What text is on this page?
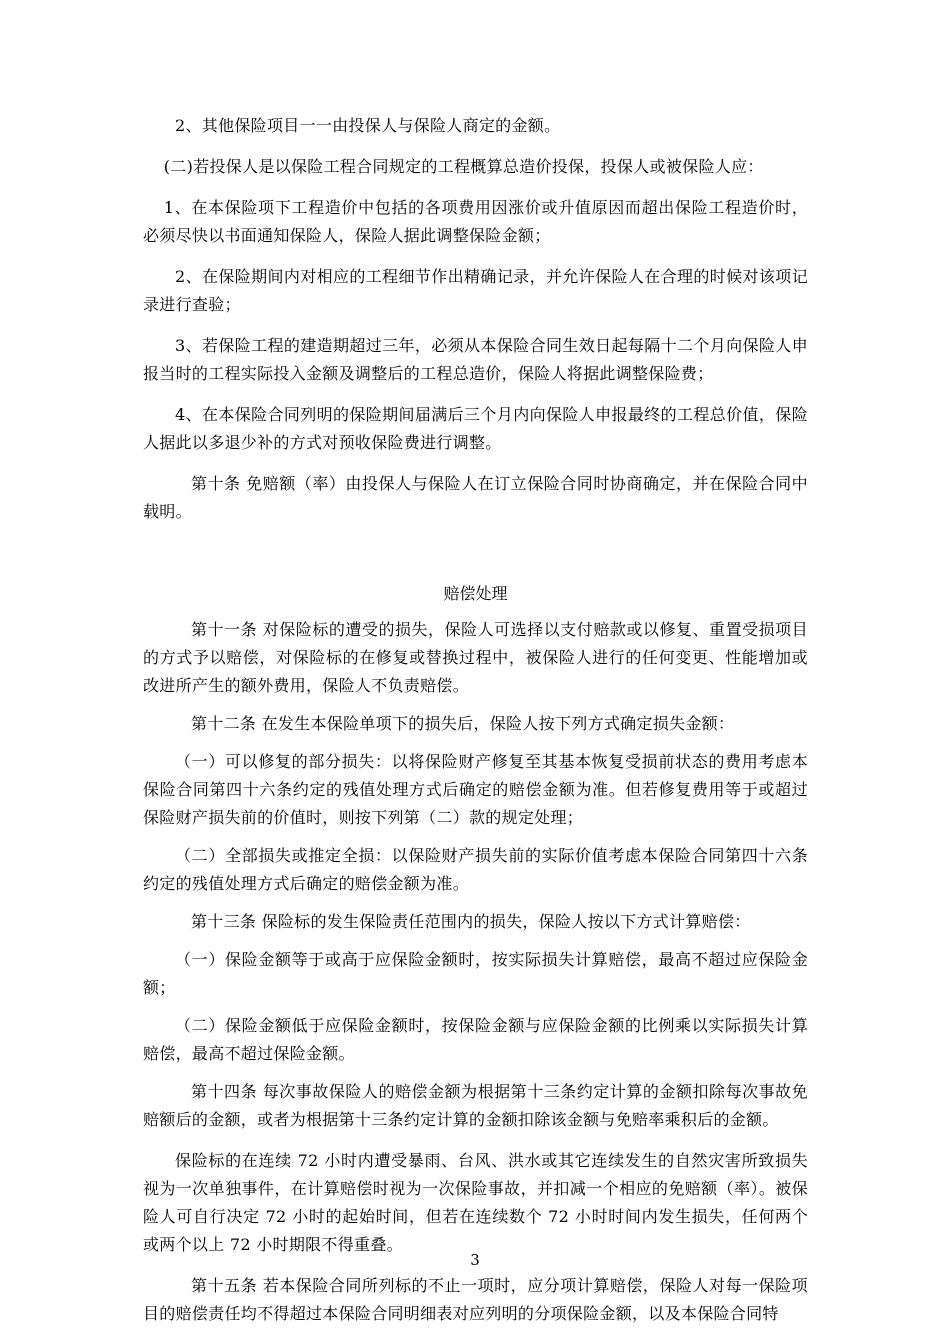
2、其他保险项目一一由投保人与保险人商定的金额。

(二)若投保人是以保险工程合同规定的工程概算总造价投保，投保人或被保险人应：

1、在本保险项下工程造价中包括的各项费用因涨价或升值原因而超出保险工程造价时，必须尽快以书面通知保险人，保险人据此调整保险金额；

2、在保险期间内对相应的工程细节作出精确记录，并允许保险人在合理的时候对该项记录进行查验；

3、若保险工程的建造期超过三年，必须从本保险合同生效日起每隔十二个月向保险人申报当时的工程实际投入金额及调整后的工程总造价，保险人将据此调整保险费；

4、在本保险合同列明的保险期间届满后三个月内向保险人申报最终的工程总价值，保险人据此以多退少补的方式对预收保险费进行调整。

第十条 免赔额（率）由投保人与保险人在订立保险合同时协商确定，并在保险合同中载明。

赔偿处理

第十一条 对保险标的遭受的损失，保险人可选择以支付赔款或以修复、重置受损项目的方式予以赔偿，对保险标的在修复或替换过程中，被保险人进行的任何变更、性能增加或改进所产生的额外费用，保险人不负责赔偿。

第十二条 在发生本保险单项下的损失后，保险人按下列方式确定损失金额：

（一）可以修复的部分损失：以将保险财产修复至其基本恢复受损前状态的费用考虑本保险合同第四十六条约定的残值处理方式后确定的赔偿金额为准。但若修复费用等于或超过保险财产损失前的价值时，则按下列第（二）款的规定处理；

（二）全部损失或推定全损：以保险财产损失前的实际价值考虑本保险合同第四十六条约定的残值处理方式后确定的赔偿金额为准。

第十三条 保险标的发生保险责任范围内的损失，保险人按以下方式计算赔偿：

（一）保险金额等于或高于应保险金额时，按实际损失计算赔偿，最高不超过应保险金额；

（二）保险金额低于应保险金额时，按保险金额与应保险金额的比例乘以实际损失计算赔偿，最高不超过保险金额。

第十四条 每次事故保险人的赔偿金额为根据第十三条约定计算的金额扣除每次事故免赔额后的金额，或者为根据第十三条约定计算的金额扣除该金额与免赔率乘积后的金额。

保险标的在连续 72 小时内遭受暴雨、台风、洪水或其它连续发生的自然灾害所致损失视为一次单独事件，在计算赔偿时视为一次保险事故，并扣减一个相应的免赔额（率）。被保险人可自行决定 72 小时的起始时间，但若在连续数个 72 小时时间内发生损失，任何两个或两个以上 72 小时期限不得重叠。

第十五条 若本保险合同所列标的不止一项时，应分项计算赔偿，保险人对每一保险项目的赔偿责任均不得超过本保险合同明细表对应列明的分项保险金额，以及本保险合同特

3
